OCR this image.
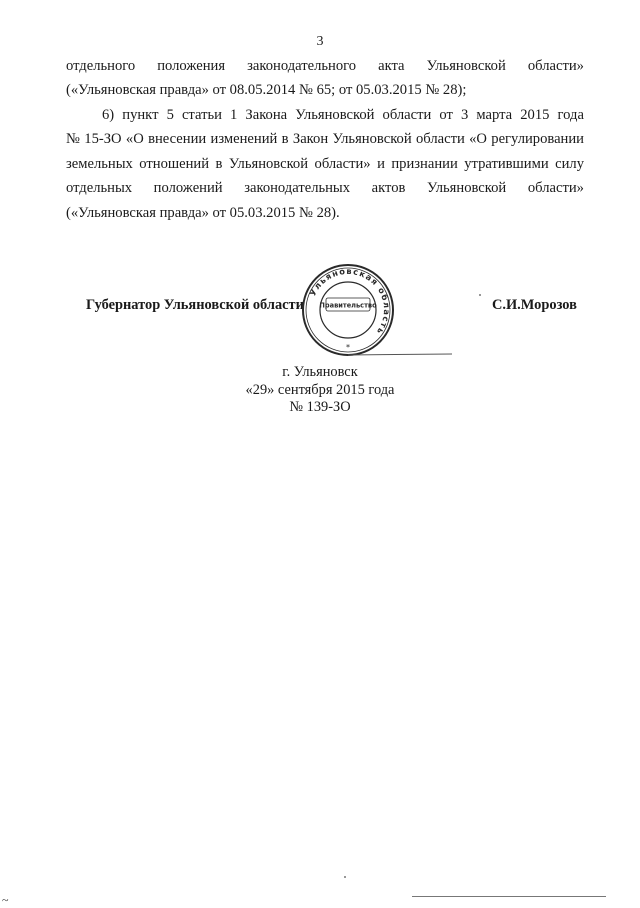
3
отдельного положения законодательного акта Ульяновской области»
(«Ульяновская правда» от 08.05.2014 № 65; от 05.03.2015 № 28);
6) пункт 5 статьи 1 Закона Ульяновской области от 3 марта 2015 года
№ 15-ЗО «О внесении изменений в Закон Ульяновской области «О регулировании
земельных отношений в Ульяновской области» и признании утратившими силу
отдельных положений законодательных актов Ульяновской области»
(«Ульяновская правда» от 05.03.2015 № 28).
Губернатор Ульяновской области
Ульяновская область
Правительство
*
С.И.Морозов
г. Ульяновск
«29» сентября 2015 года
№ 139-ЗО
~
